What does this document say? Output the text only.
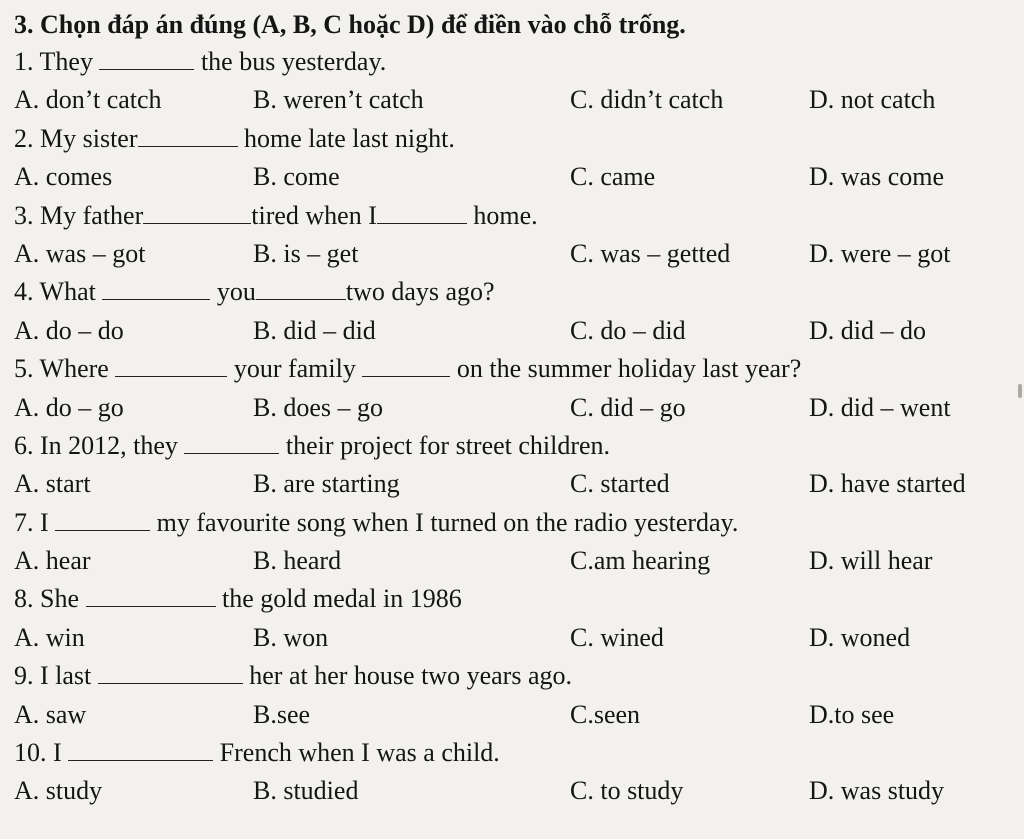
3. Chọn đáp án đúng (A, B, C hoặc D) để điền vào chỗ trống.
1. They	the bus yesterday.
A. don’t catch	B. weren’t catch	C. didn’t catch	D. not catch
2. My sister	home late last night.
A. comes	B. come	C. came	D. was come
3. My father	tired when I	home.
A. was – got	B. is – get	C. was – getted	D. were – got
4. What	you	two days ago?
A. do – do	B. did – did	C. do – did	D. did – do
5. Where	your family	on the summer holiday last year?
A. do – go	B. does – go	C. did – go	D. did – went
6. In 2012, they	their project for street children.
A. start	B. are starting	C. started	D. have started
7. I	my favourite song when I turned on the radio yesterday.
A. hear	B. heard	C.am hearing	D. will hear
8. She	the gold medal in 1986
A. win	B. won	C. wined	D. woned
9. I last	her at her house two years ago.
A. saw	B.see	C.seen	D.to see
10. I	French when I was a child.
A. study	B. studied	C. to study	D. was study
